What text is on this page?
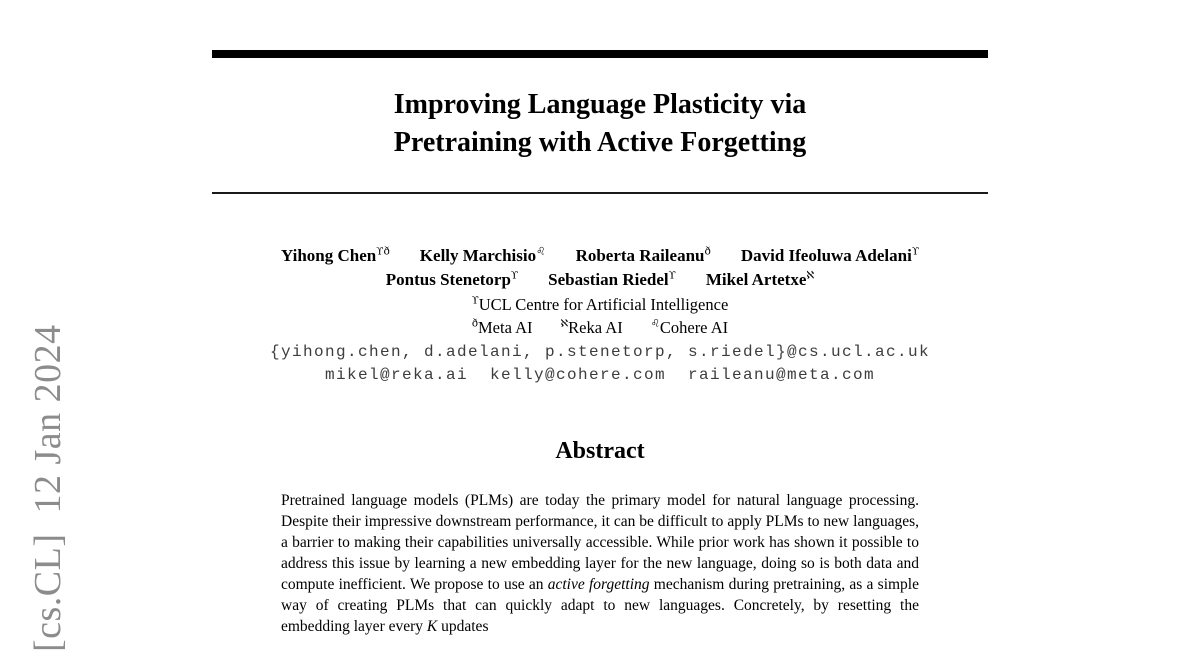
[cs.CL]  12 Jan 2024
Improving Language Plasticity via
Pretraining with Active Forgetting
Yihong Chen$^{ϒð}$ Kelly Marchisio♌ Roberta Raileanu$^ð$ David Ifeoluwa Adelani$^ϒ$
Pontus Stenetorp$^ϒ$ Sebastian Riedel$^ϒ$ Mikel Artetxe$^ℵ$
$^ϒ$UCL Centre for Artificial Intelligence
$^ð$Meta AI	$^ℵ$Reka AI	♌Cohere AI
{yihong.chen, d.adelani, p.stenetorp, s.riedel}@cs.ucl.ac.uk
mikel@reka.ai  kelly@cohere.com  raileanu@meta.com
Abstract

Pretrained language models (PLMs) are today the primary model for natural language processing. Despite their impressive downstream performance, it can be difficult to apply PLMs to new languages, a barrier to making their capabilities universally accessible. While prior work has shown it possible to address this issue by learning a new embedding layer for the new language, doing so is both data and compute inefficient. We propose to use an active forgetting mechanism during pretraining, as a simple way of creating PLMs that can quickly adapt to new languages. Concretely, by resetting the embedding layer every K updates
